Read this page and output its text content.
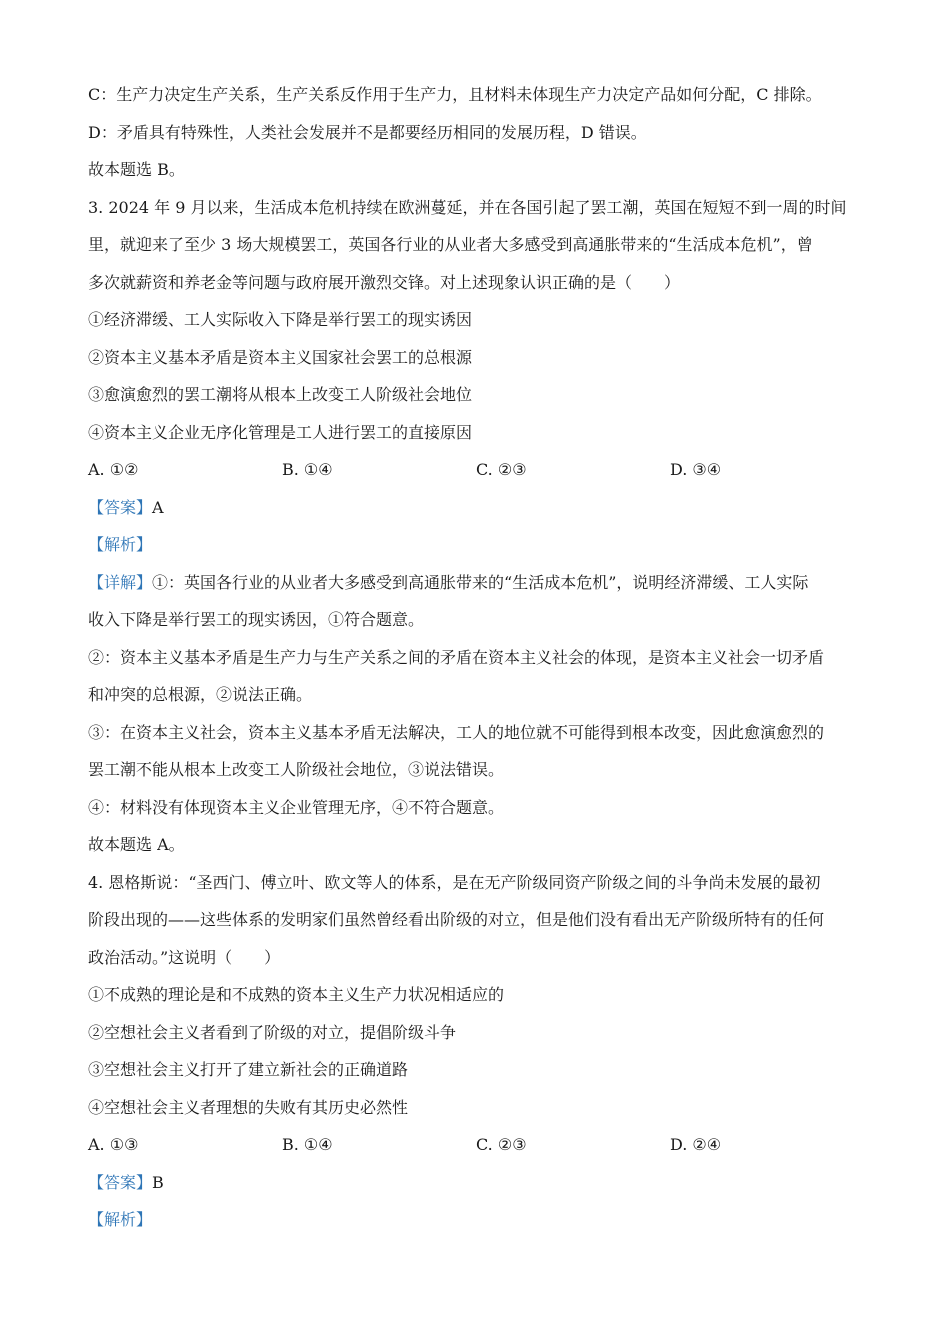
C：生产力决定生产关系，生产关系反作用于生产力，且材料未体现生产力决定产品如何分配，C 排除。
D：矛盾具有特殊性，人类社会发展并不是都要经历相同的发展历程，D 错误。
故本题选 B。
3. 2024 年 9 月以来，生活成本危机持续在欧洲蔓延，并在各国引起了罢工潮，英国在短短不到一周的时间
里，就迎来了至少 3 场大规模罢工，英国各行业的从业者大多感受到高通胀带来的“生活成本危机”，曾
多次就薪资和养老金等问题与政府展开激烈交锋。对上述现象认识正确的是（　　）
①经济滞缓、工人实际收入下降是举行罢工的现实诱因
②资本主义基本矛盾是资本主义国家社会罢工的总根源
③愈演愈烈的罢工潮将从根本上改变工人阶级社会地位
④资本主义企业无序化管理是工人进行罢工的直接原因
A. ①②	B. ①④	C. ②③	D. ③④
【答案】A
【解析】
【详解】①：英国各行业的从业者大多感受到高通胀带来的“生活成本危机”，说明经济滞缓、工人实际
收入下降是举行罢工的现实诱因，①符合题意。
②：资本主义基本矛盾是生产力与生产关系之间的矛盾在资本主义社会的体现，是资本主义社会一切矛盾
和冲突的总根源，②说法正确。
③：在资本主义社会，资本主义基本矛盾无法解决，工人的地位就不可能得到根本改变，因此愈演愈烈的
罢工潮不能从根本上改变工人阶级社会地位，③说法错误。
④：材料没有体现资本主义企业管理无序，④不符合题意。
故本题选 A。
4. 恩格斯说：“圣西门、傅立叶、欧文等人的体系，是在无产阶级同资产阶级之间的斗争尚未发展的最初
阶段出现的——这些体系的发明家们虽然曾经看出阶级的对立，但是他们没有看出无产阶级所特有的任何
政治活动。”这说明（　　）
①不成熟的理论是和不成熟的资本主义生产力状况相适应的
②空想社会主义者看到了阶级的对立，提倡阶级斗争
③空想社会主义打开了建立新社会的正确道路
④空想社会主义者理想的失败有其历史必然性
A. ①③	B. ①④	C. ②③	D. ②④
【答案】B
【解析】
